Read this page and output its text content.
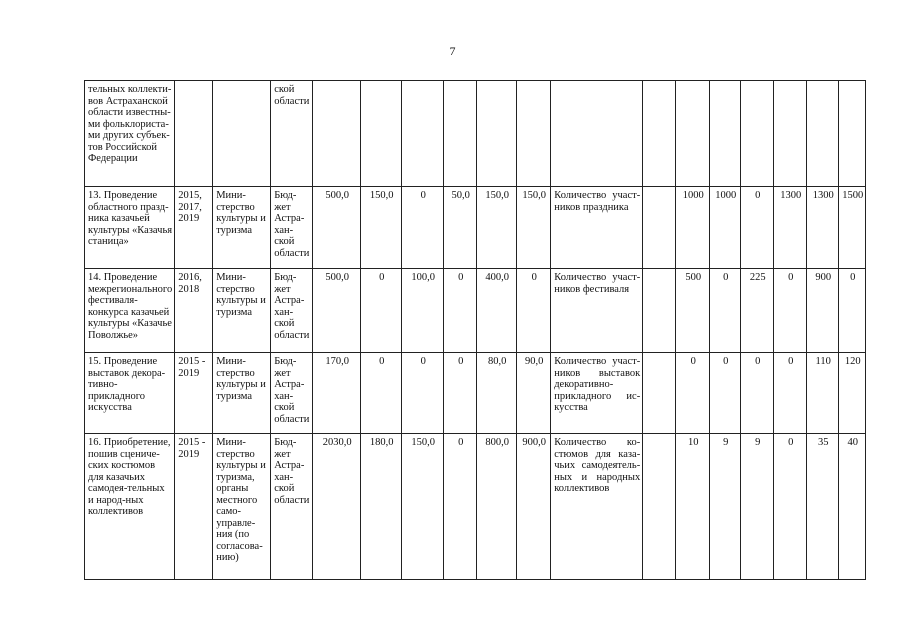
7
тельных коллекти-вов Астраханской области известны-ми фольклориста-ми других субъек-тов Российской Федерации			ской области														
13. Проведение областного празд-ника казачьей культуры «Казачья станица»	2015, 2017, 2019	Мини-стерство культуры и туризма	Бюд-жет Астра-хан-ской области	500,0	150,0	0	50,0	150,0	150,0	Количество участ-ников праздника		1000	1000	0	1300	1300	1500
14. Проведение межрегионального фестиваля-конкурса казачьей культуры «Казачье Поволжье»	2016, 2018	Мини-стерство культуры и туризма	Бюд-жет Астра-хан-ской области	500,0	0	100,0	0	400,0	0	Количество участ-ников фестиваля		500	0	225	0	900	0
15. Проведение выставок декора-тивно-прикладного искусства	2015 - 2019	Мини-стерство культуры и туризма	Бюд-жет Астра-хан-ской области	170,0	0	0	0	80,0	90,0	Количество участ-ников выставок декоративно-прикладного ис-кусства		0	0	0	0	110	120
16. Приобретение, пошив сцениче-ских костюмов для казачьих самодея-тельных и народ-ных коллективов	2015 - 2019	Мини-стерство культуры и туризма, органы местного само-управле-ния (по согласова-нию)	Бюд-жет Астра-хан-ской области	2030,0	180,0	150,0	0	800,0	900,0	Количество ко-стюмов для каза-чьих самодеятель-ных и народных коллективов		10	9	9	0	35	40
